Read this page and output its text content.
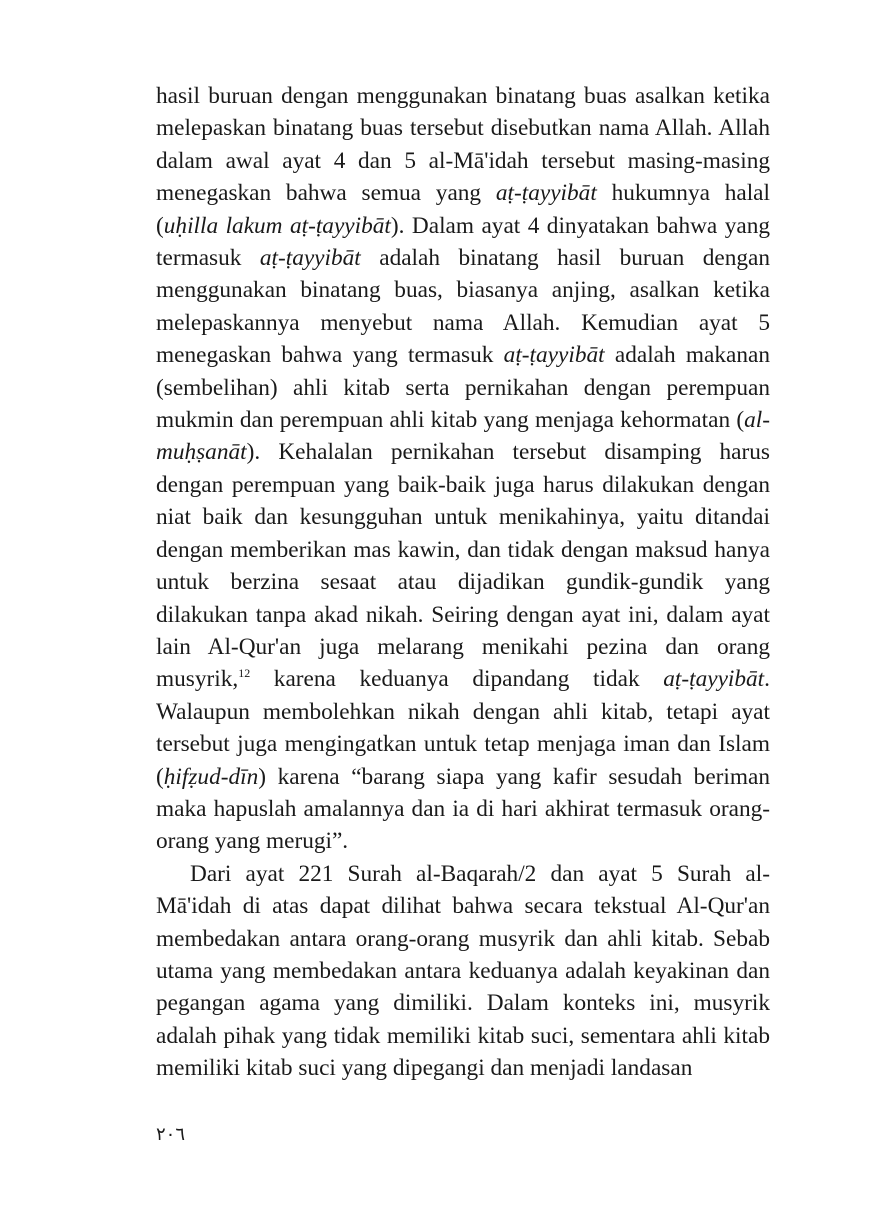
hasil buruan dengan menggunakan binatang buas asalkan ketika melepaskan binatang buas tersebut disebutkan nama Allah. Allah dalam awal ayat 4 dan 5 al-Mā'idah tersebut masing-masing menegaskan bahwa semua yang aṭ-ṭayyibāt hukumnya halal (uḥilla lakum aṭ-ṭayyibāt). Dalam ayat 4 dinyatakan bahwa yang termasuk aṭ-ṭayyibāt adalah binatang hasil buruan dengan menggunakan binatang buas, biasanya anjing, asalkan ketika melepaskannya menyebut nama Allah. Kemudian ayat 5 menegaskan bahwa yang termasuk aṭ-ṭayyibāt adalah makanan (sembelihan) ahli kitab serta pernikahan dengan perempuan mukmin dan perempuan ahli kitab yang menjaga kehormatan (al-muḥṣanāt). Kehalalan pernikahan tersebut disamping harus dengan perempuan yang baik-baik juga harus dilakukan dengan niat baik dan kesungguhan untuk menikahinya, yaitu ditandai dengan memberikan mas kawin, dan tidak dengan maksud hanya untuk berzina sesaat atau dijadikan gundik-gundik yang dilakukan tanpa akad nikah. Seiring dengan ayat ini, dalam ayat lain Al-Qur'an juga melarang menikahi pezina dan orang musyrik,$^{12}$ karena keduanya dipandang tidak aṭ-ṭayyibāt. Walaupun membolehkan nikah dengan ahli kitab, tetapi ayat tersebut juga mengingatkan untuk tetap menjaga iman dan Islam (ḥifẓud-dīn) karena “barang siapa yang kafir sesudah beriman maka hapuslah amalannya dan ia di hari akhirat termasuk orang-orang yang merugi”.

Dari ayat 221 Surah al-Baqarah/2 dan ayat 5 Surah al-Mā'idah di atas dapat dilihat bahwa secara tekstual Al-Qur'an membedakan antara orang-orang musyrik dan ahli kitab. Sebab utama yang membedakan antara keduanya adalah keyakinan dan pegangan agama yang dimiliki. Dalam konteks ini, musyrik adalah pihak yang tidak memiliki kitab suci, sementara ahli kitab memiliki kitab suci yang dipegangi dan menjadi landasan

٢٠٦
